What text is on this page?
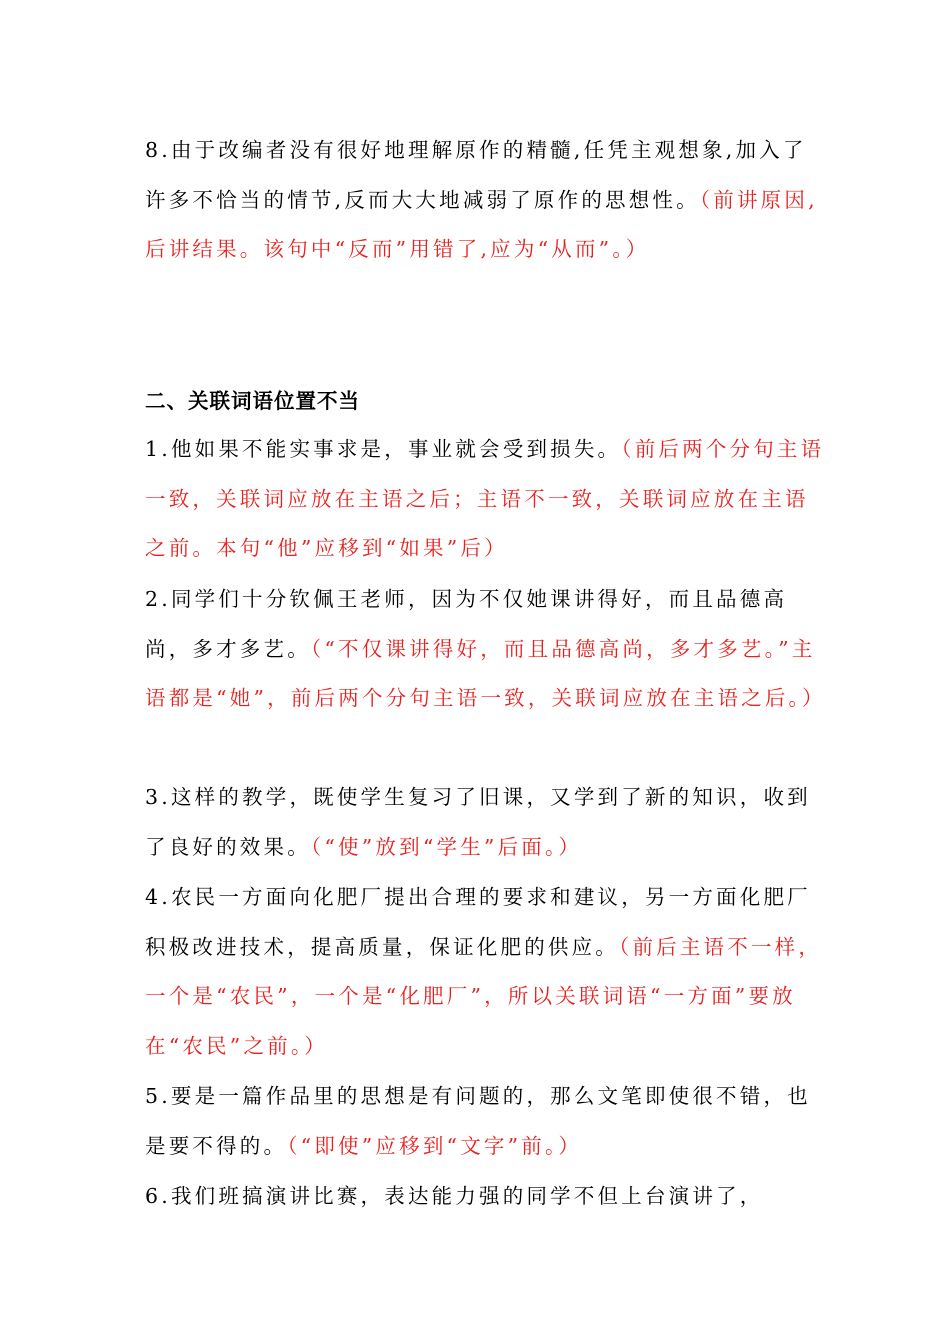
8.由于改编者没有很好地理解原作的精髓,任凭主观想象,加入了许多不恰当的情节,反而大大地减弱了原作的思想性。（前讲原因,后讲结果。该句中“反而”用错了,应为“从而”。）

二、关联词语位置不当

1.他如果不能实事求是，事业就会受到损失。（前后两个分句主语一致，关联词应放在主语之后；主语不一致，关联词应放在主语之前。本句“他”应移到“如果”后）

2.同学们十分钦佩王老师，因为不仅她课讲得好，而且品德高尚，多才多艺。（“不仅课讲得好，而且品德高尚，多才多艺。”主语都是“她”，前后两个分句主语一致，关联词应放在主语之后。）

3.这样的教学，既使学生复习了旧课，又学到了新的知识，收到了良好的效果。（“使”放到“学生”后面。）

4.农民一方面向化肥厂提出合理的要求和建议，另一方面化肥厂积极改进技术，提高质量，保证化肥的供应。（前后主语不一样，一个是“农民”，一个是“化肥厂”，所以关联词语“一方面”要放在“农民”之前。）

5.要是一篇作品里的思想是有问题的，那么文笔即使很不错，也是要不得的。（“即使”应移到“文字”前。）

6.我们班搞演讲比赛，表达能力强的同学不但上台演讲了，
